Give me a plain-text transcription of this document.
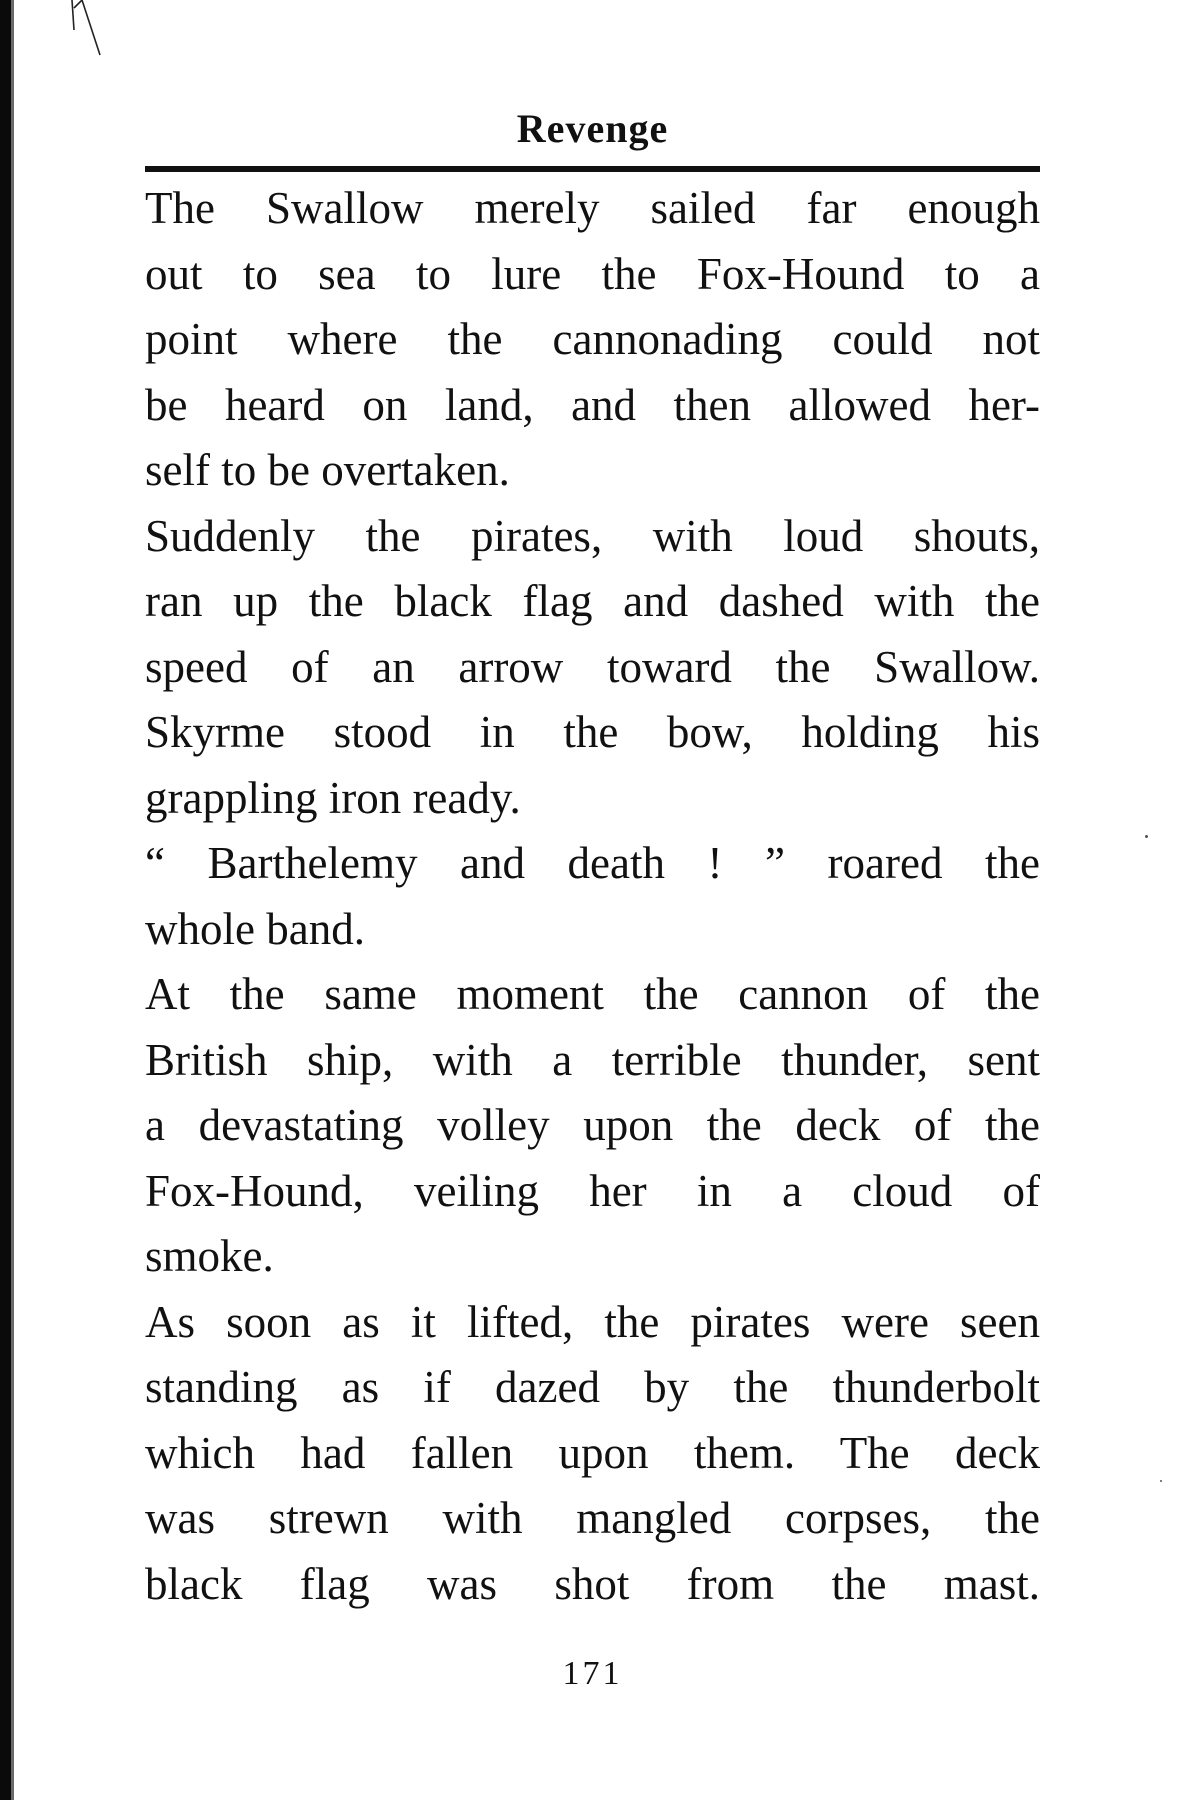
Revenge
The Swallow merely sailed far enough
out to sea to lure the Fox-Hound to a
point where the cannonading could not
be heard on land, and then allowed her-
self to be overtaken.
Suddenly the pirates, with loud shouts,
ran up the black flag and dashed with the
speed of an arrow toward the Swallow.
Skyrme stood in the bow, holding his
grappling iron ready.
“ Barthelemy and death ! ” roared the
whole band.
At the same moment the cannon of the
British ship, with a terrible thunder, sent
a devastating volley upon the deck of the
Fox-Hound, veiling her in a cloud of
smoke.
As soon as it lifted, the pirates were seen
standing as if dazed by the thunderbolt
which had fallen upon them. The deck
was strewn with mangled corpses, the
black flag was shot from the mast.
171
